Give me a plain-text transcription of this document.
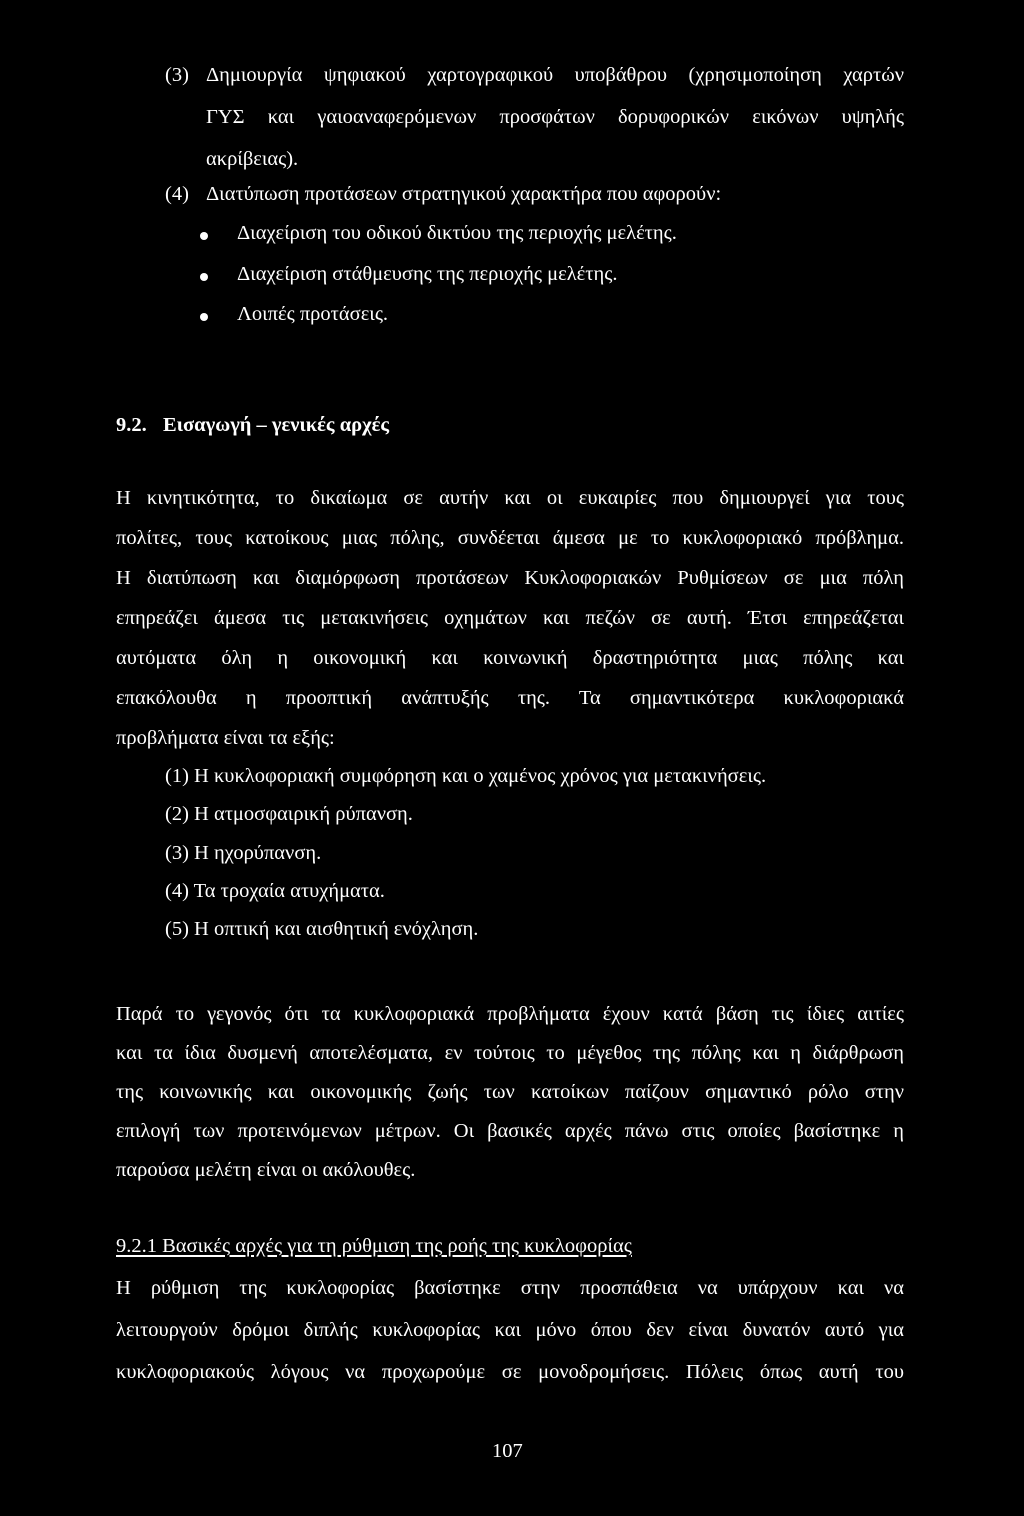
(3) Δημιουργία ψηφιακού χαρτογραφικού υποβάθρου (χρησιμοποίηση χαρτών
ΓΥΣ και γαιοαναφερόμενων προσφάτων δορυφορικών εικόνων υψηλής
ακρίβειας).
(4) Διατύπωση προτάσεων στρατηγικού χαρακτήρα που αφορούν:
Διαχείριση του οδικού δικτύου της περιοχής μελέτης.
Διαχείριση στάθμευσης της περιοχής μελέτης.
Λοιπές προτάσεις.
9.2. Εισαγωγή – γενικές αρχές
Η κινητικότητα, το δικαίωμα σε αυτήν και οι ευκαιρίες που δημιουργεί για τους
πολίτες, τους κατοίκους μιας πόλης, συνδέεται άμεσα με το κυκλοφοριακό πρόβλημα.
Η διατύπωση και διαμόρφωση προτάσεων Κυκλοφοριακών Ρυθμίσεων σε μια πόλη
επηρεάζει άμεσα τις μετακινήσεις οχημάτων και πεζών σε αυτή. Έτσι επηρεάζεται
αυτόματα όλη η οικονομική και κοινωνική δραστηριότητα μιας πόλης και
επακόλουθα η προοπτική ανάπτυξής της. Τα σημαντικότερα κυκλοφοριακά
προβλήματα είναι τα εξής:
(1) Η κυκλοφοριακή συμφόρηση και ο χαμένος χρόνος για μετακινήσεις.
(2) Η ατμοσφαιρική ρύπανση.
(3) Η ηχορύπανση.
(4) Τα τροχαία ατυχήματα.
(5) Η οπτική και αισθητική ενόχληση.
Παρά το γεγονός ότι τα κυκλοφοριακά προβλήματα έχουν κατά βάση τις ίδιες αιτίες
και τα ίδια δυσμενή αποτελέσματα, εν τούτοις το μέγεθος της πόλης και η διάρθρωση
της κοινωνικής και οικονομικής ζωής των κατοίκων παίζουν σημαντικό ρόλο στην
επιλογή των προτεινόμενων μέτρων. Οι βασικές αρχές πάνω στις οποίες βασίστηκε η
παρούσα μελέτη είναι οι ακόλουθες.
9.2.1 Βασικές αρχές για τη ρύθμιση της ροής της κυκλοφορίας
Η ρύθμιση της κυκλοφορίας βασίστηκε στην προσπάθεια να υπάρχουν και να
λειτουργούν δρόμοι διπλής κυκλοφορίας και μόνο όπου δεν είναι δυνατόν αυτό για
κυκλοφοριακούς λόγους να προχωρούμε σε μονοδρομήσεις. Πόλεις όπως αυτή του
107
